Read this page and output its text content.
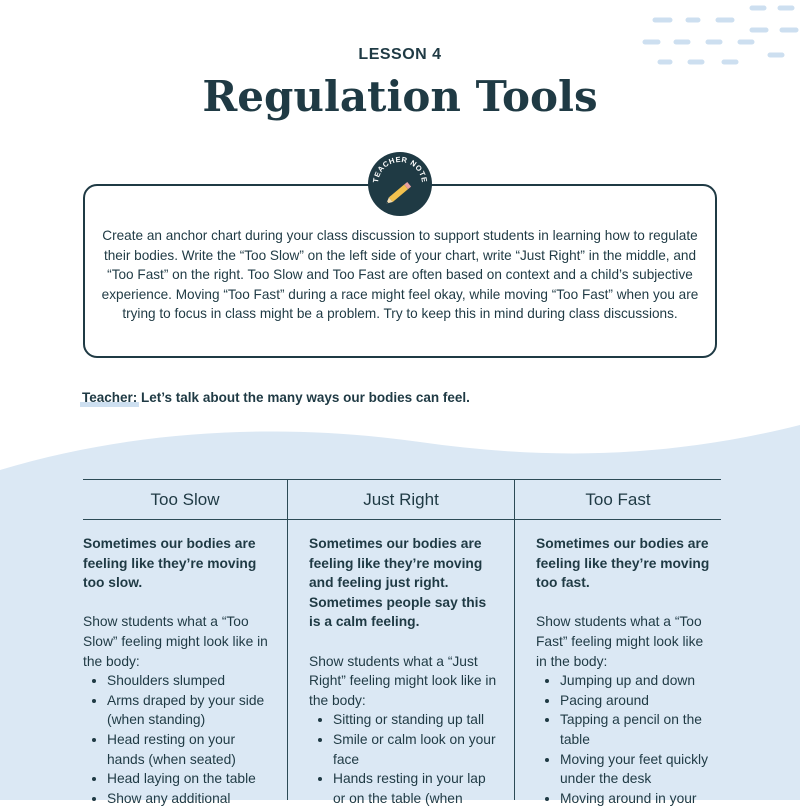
LESSON 4
Regulation Tools
TEACHER NOTE
Create an anchor chart during your class discussion to support students in learning how to regulate their bodies. Write the “Too Slow” on the left side of your chart, write “Just Right” in the middle, and “Too Fast” on the right. Too Slow and Too Fast are often based on context and a child’s subjective experience. Moving “Too Fast” during a race might feel okay, while moving “Too Fast” when you are trying to focus in class might be a problem. Try to keep this in mind during class discussions.
Teacher: Let’s talk about the many ways our bodies can feel.
Too Slow	Just Right	Too Fast
Sometimes our bodies are feeling like they’re moving too slow.
Show students what a “Too Slow” feeling might look like in the body:
• Shoulders slumped
• Arms draped by your side (when standing)
• Head resting on your hands (when seated)
• Head laying on the table
• Show any additional
Sometimes our bodies are feeling like they’re moving and feeling just right. Sometimes people say this is a calm feeling.
Show students what a “Just Right” feeling might look like in the body:
• Sitting or standing up tall
• Smile or calm look on your face
• Hands resting in your lap or on the table (when
Sometimes our bodies are feeling like they’re moving too fast.
Show students what a “Too Fast” feeling might look like in the body:
• Jumping up and down
• Pacing around
• Tapping a pencil on the table
• Moving your feet quickly under the desk
• Moving around in your
